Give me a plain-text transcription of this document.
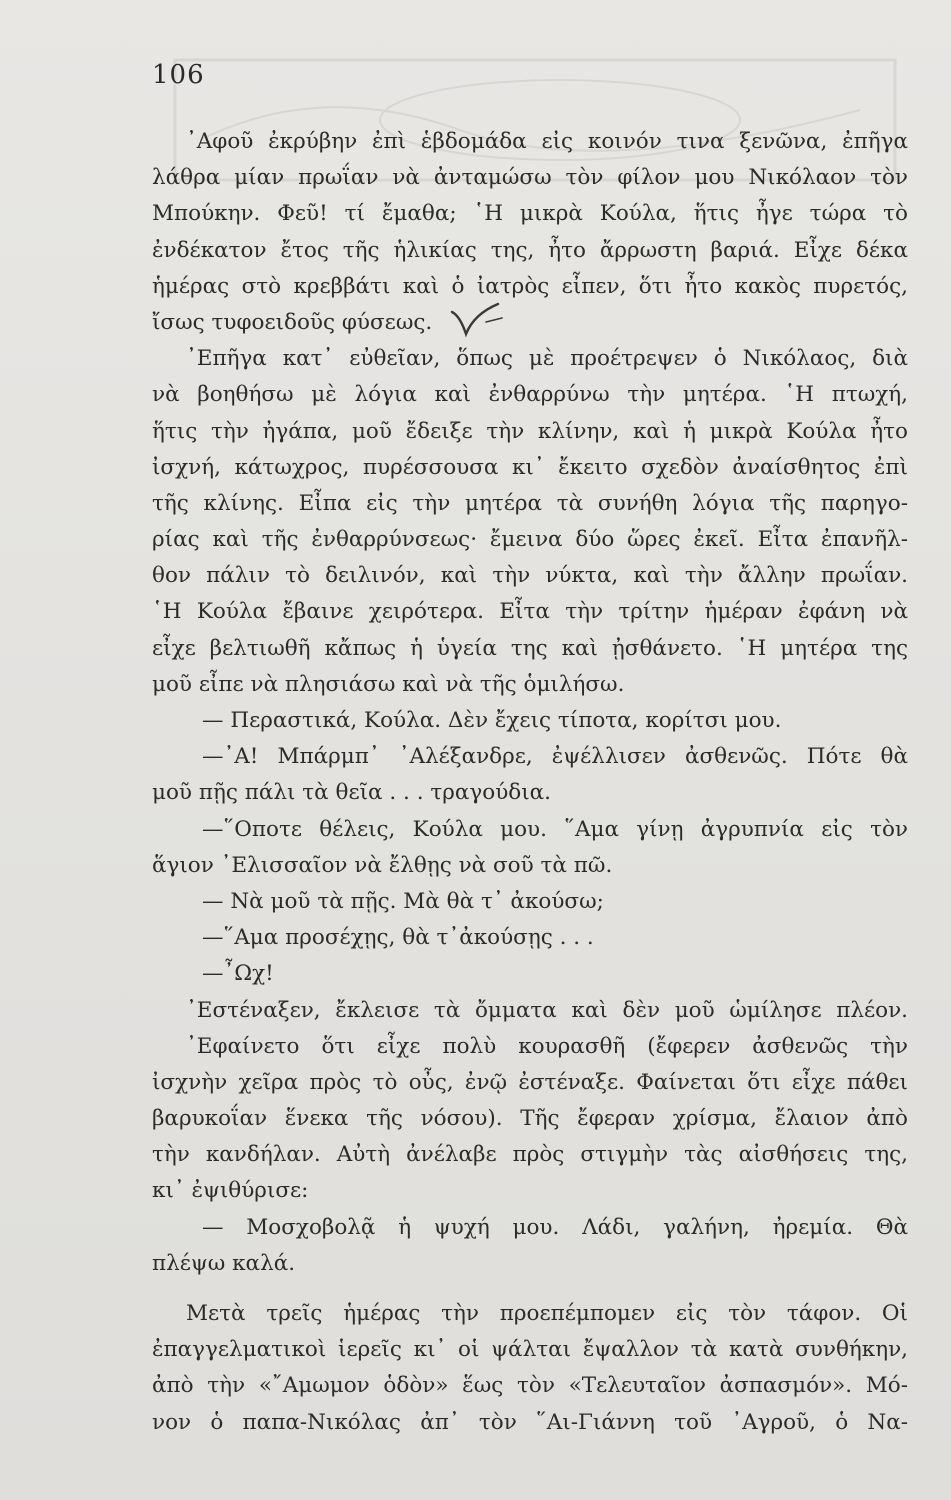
106
᾿Αφοῦ ἐκρύβην ἐπὶ ἑβδομάδα εἰς κοινόν τινα ξενῶνα, ἐπῆγα
λάθρα μίαν πρωΐαν νὰ ἀνταμώσω τὸν φίλον μου Νικόλαον τὸν
Μπούκην. Φεῦ! τί ἔμαθα; ῾Η μικρὰ Κούλα, ἥτις ἦγε τώρα τὸ
ἐνδέκατον ἔτος τῆς ἡλικίας της, ἦτο ἄρρωστη βαριά. Εἶχε δέκα
ἡμέρας στὸ κρεββάτι καὶ ὁ ἰατρὸς εἶπεν, ὅτι ἦτο κακὸς πυρετός,
ἴσως τυφοειδοῦς φύσεως.
᾿Επῆγα κατ᾿ εὐθεῖαν, ὅπως μὲ προέτρεψεν ὁ Νικόλαος, διὰ
νὰ βοηθήσω μὲ λόγια καὶ ἐνθαρρύνω τὴν μητέρα. ῾Η πτωχή,
ἥτις τὴν ἠγάπα, μοῦ ἔδειξε τὴν κλίνην, καὶ ἡ μικρὰ Κούλα ἦτο
ἰσχνή, κάτωχρος, πυρέσσουσα κι᾿ ἔκειτο σχεδὸν ἀναίσθητος ἐπὶ
τῆς κλίνης. Εἶπα εἰς τὴν μητέρα τὰ συνήθη λόγια τῆς παρηγο-
ρίας καὶ τῆς ἐνθαρρύνσεως· ἔμεινα δύο ὥρες ἐκεῖ. Εἶτα ἐπανῆλ-
θον πάλιν τὸ δειλινόν, καὶ τὴν νύκτα, καὶ τὴν ἄλλην πρωΐαν.
῾Η Κούλα ἔβαινε χειρότερα. Εἶτα τὴν τρίτην ἡμέραν ἐφάνη νὰ
εἶχε βελτιωθῆ κἄπως ἡ ὑγεία της καὶ ᾐσθάνετο. ῾Η μητέρα της
μοῦ εἶπε νὰ πλησιάσω καὶ νὰ τῆς ὁμιλήσω.
— Περαστικά, Κούλα. Δὲν ἔχεις τίποτα, κορίτσι μου.
—᾿Α! Μπάρμπ᾿ ᾿Αλέξανδρε, ἐψέλλισεν ἀσθενῶς. Πότε θὰ
μοῦ πῇς πάλι τὰ θεῖα . . . τραγούδια.
—῞Οποτε θέλεις, Κούλα μου. ῞Αμα γίνῃ ἀγρυπνία εἰς τὸν
ἅγιον ᾿Ελισσαῖον νὰ ἔλθῃς νὰ σοῦ τὰ πῶ.
— Νὰ μοῦ τὰ πῇς. Μὰ θὰ τ᾿ ἀκούσω;
—῞Αμα προσέχῃς, θὰ τ᾿ἀκούσῃς . . .
—῏Ωχ!
᾿Εστέναξεν, ἔκλεισε τὰ ὄμματα καὶ δὲν μοῦ ὡμίλησε πλέον.
᾿Εφαίνετο ὅτι εἶχε πολὺ κουρασθῆ (ἔφερεν ἀσθενῶς τὴν
ἰσχνὴν χεῖρα πρὸς τὸ οὖς, ἐνῷ ἐστέναξε. Φαίνεται ὅτι εἶχε πάθει
βαρυκοΐαν ἕνεκα τῆς νόσου). Τῆς ἔφεραν χρίσμα, ἔλαιον ἀπὸ
τὴν κανδήλαν. Αὐτὴ ἀνέλαβε πρὸς στιγμὴν τὰς αἰσθήσεις της,
κι᾿ ἐψιθύρισε:
— Μοσχοβολᾷ ἡ ψυχή μου. Λάδι, γαλήνη, ἠρεμία. Θὰ
πλέψω καλά.
Μετὰ τρεῖς ἡμέρας τὴν προεπέμπομεν εἰς τὸν τάφον. Οἱ
ἐπαγγελματικοὶ ἱερεῖς κι᾿ οἱ ψάλται ἔψαλλον τὰ κατὰ συνθήκην,
ἀπὸ τὴν «῎Αμωμον ὁδὸν» ἕως τὸν «Τελευταῖον ἀσπασμόν». Μό-
νον ὁ παπα-Νικόλας ἀπ᾿ τὸν ῞Αι-Γιάννη τοῦ ᾿Αγροῦ, ὁ Να-
